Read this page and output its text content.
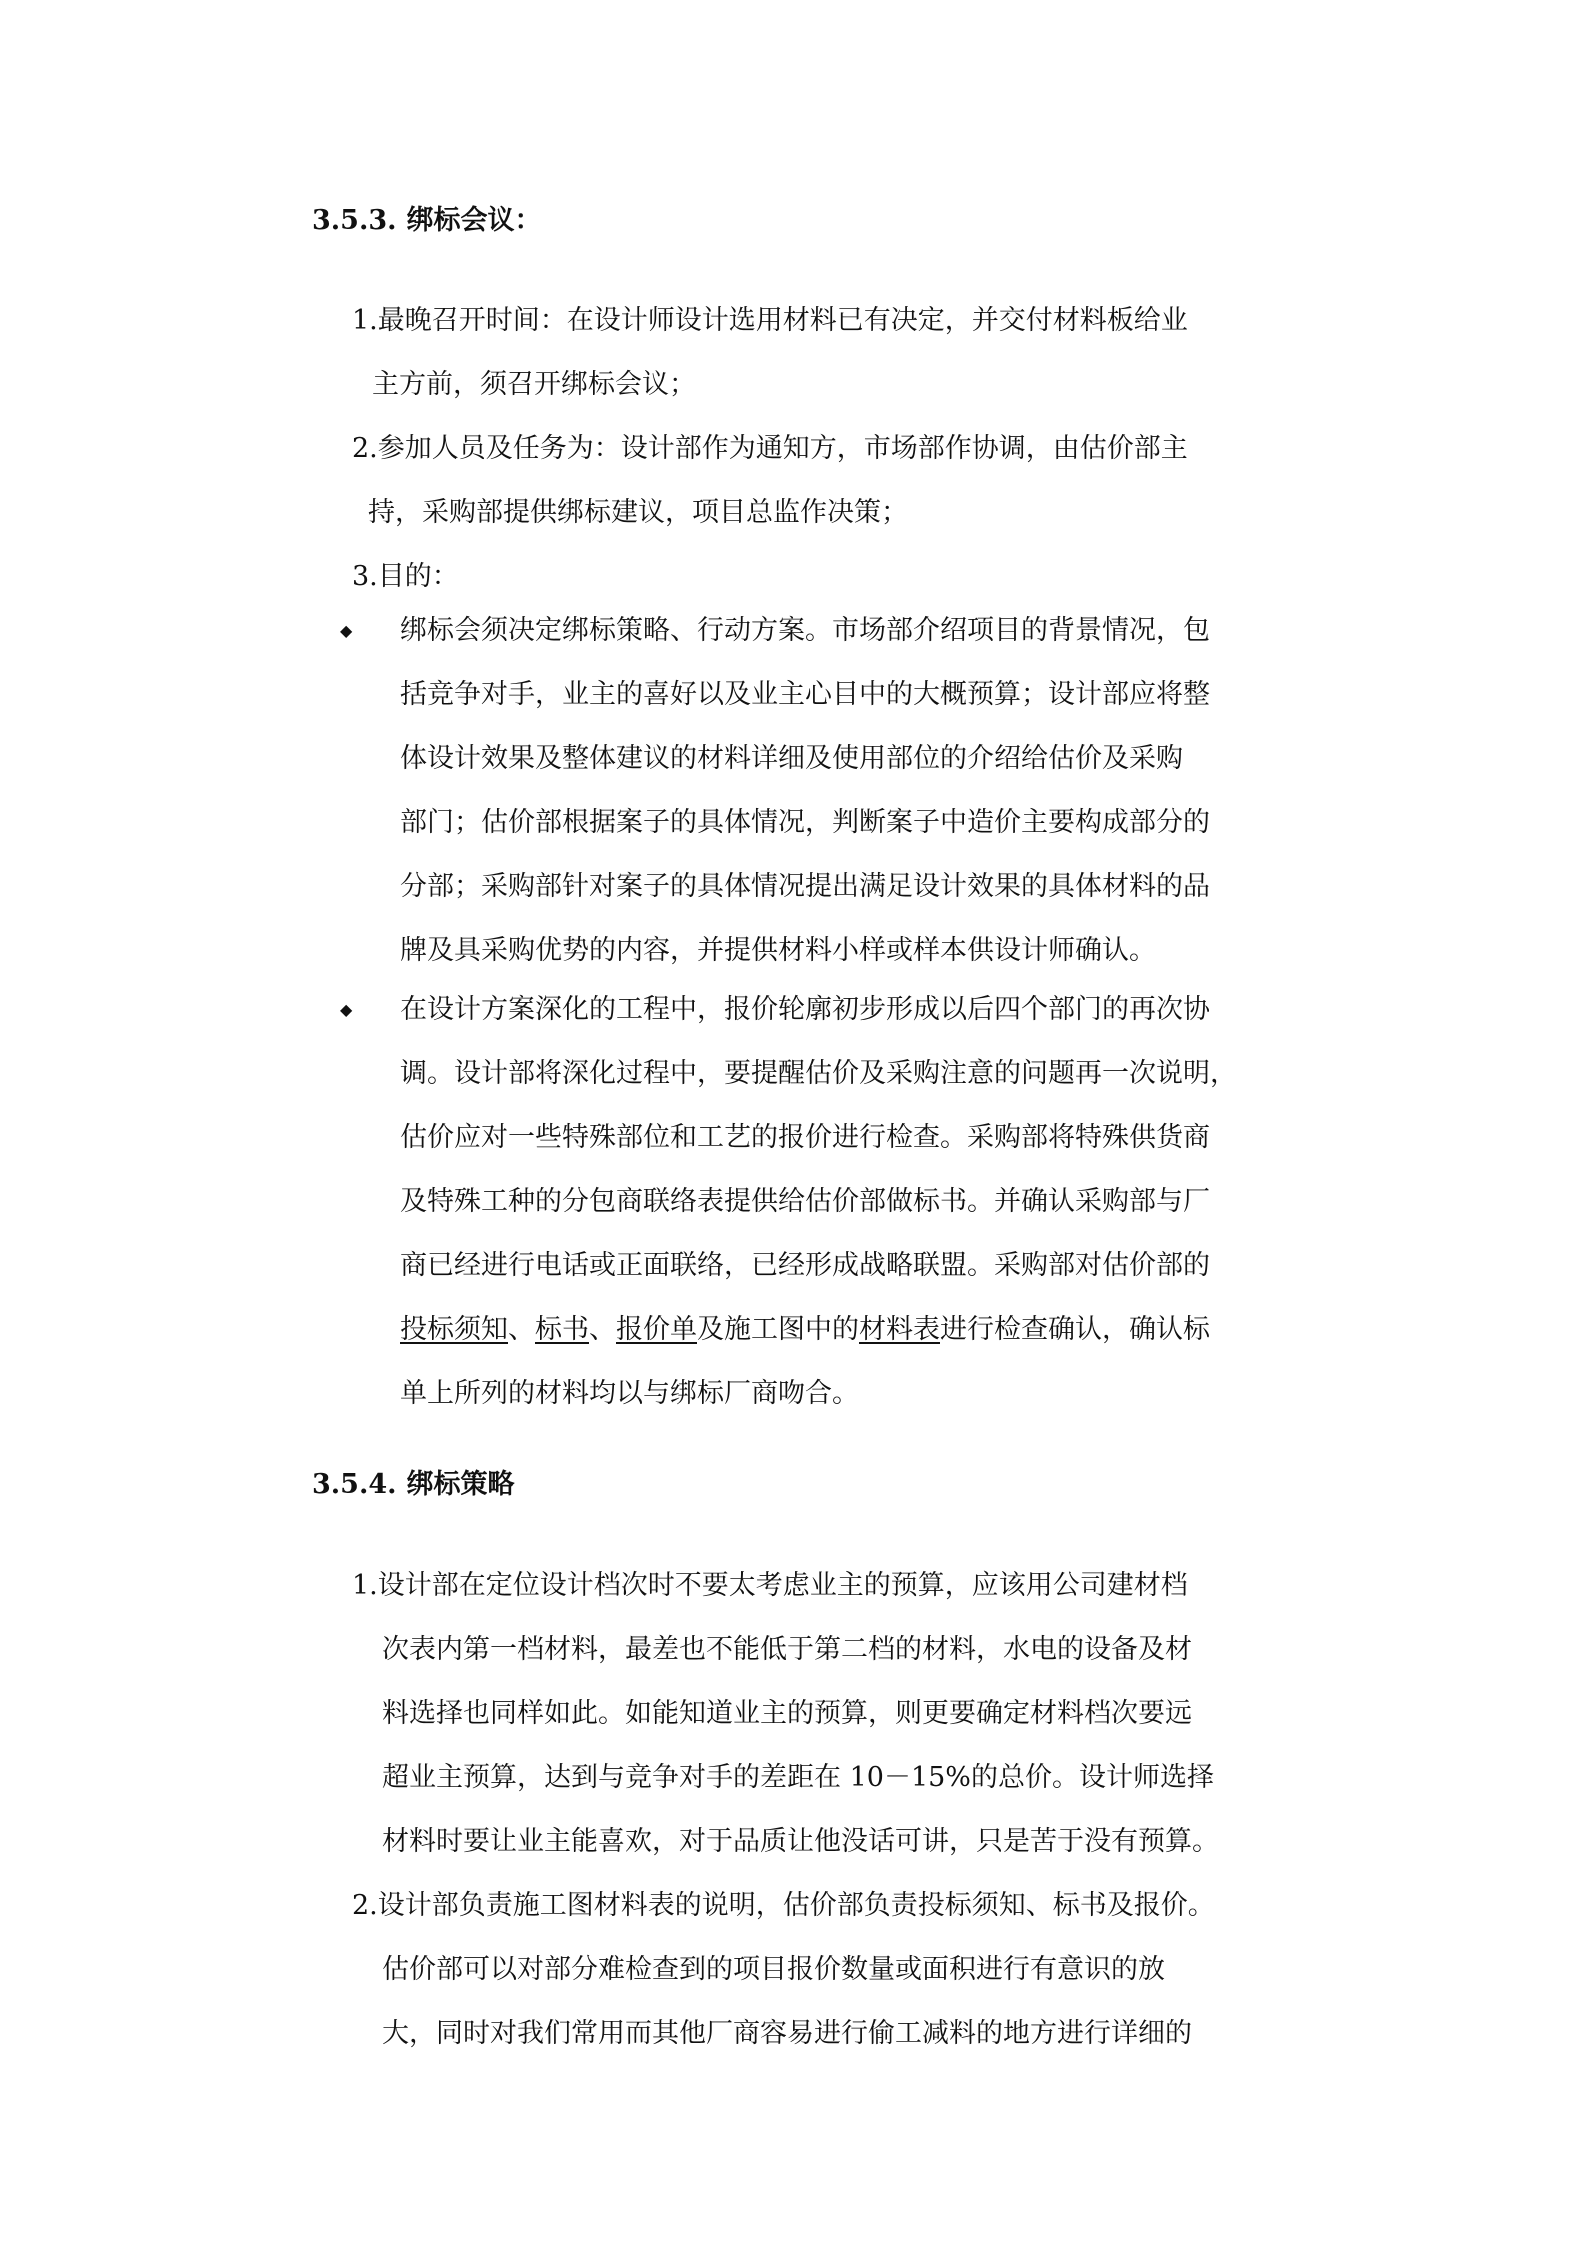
3.5.3. 绑标会议：
1.最晚召开时间：在设计师设计选用材料已有决定，并交付材料板给业
主方前，须召开绑标会议；
2.参加人员及任务为：设计部作为通知方，市场部作协调，由估价部主
持，采购部提供绑标建议，项目总监作决策；
3.目的：
◆ 绑标会须决定绑标策略、行动方案。市场部介绍项目的背景情况，包
括竞争对手，业主的喜好以及业主心目中的大概预算；设计部应将整
体设计效果及整体建议的材料详细及使用部位的介绍给估价及采购
部门；估价部根据案子的具体情况，判断案子中造价主要构成部分的
分部；采购部针对案子的具体情况提出满足设计效果的具体材料的品
牌及具采购优势的内容，并提供材料小样或样本供设计师确认。
◆ 在设计方案深化的工程中，报价轮廓初步形成以后四个部门的再次协
调。设计部将深化过程中，要提醒估价及采购注意的问题再一次说明，
估价应对一些特殊部位和工艺的报价进行检查。采购部将特殊供货商
及特殊工种的分包商联络表提供给估价部做标书。并确认采购部与厂
商已经进行电话或正面联络，已经形成战略联盟。采购部对估价部的
投标须知、标书、报价单及施工图中的材料表进行检查确认，确认标
单上所列的材料均以与绑标厂商吻合。
3.5.4. 绑标策略
1.设计部在定位设计档次时不要太考虑业主的预算，应该用公司建材档
次表内第一档材料，最差也不能低于第二档的材料，水电的设备及材
料选择也同样如此。如能知道业主的预算，则更要确定材料档次要远
超业主预算，达到与竞争对手的差距在 10－15%的总价。设计师选择
材料时要让业主能喜欢，对于品质让他没话可讲，只是苦于没有预算。
2.设计部负责施工图材料表的说明，估价部负责投标须知、标书及报价。
估价部可以对部分难检查到的项目报价数量或面积进行有意识的放
大，同时对我们常用而其他厂商容易进行偷工减料的地方进行详细的
